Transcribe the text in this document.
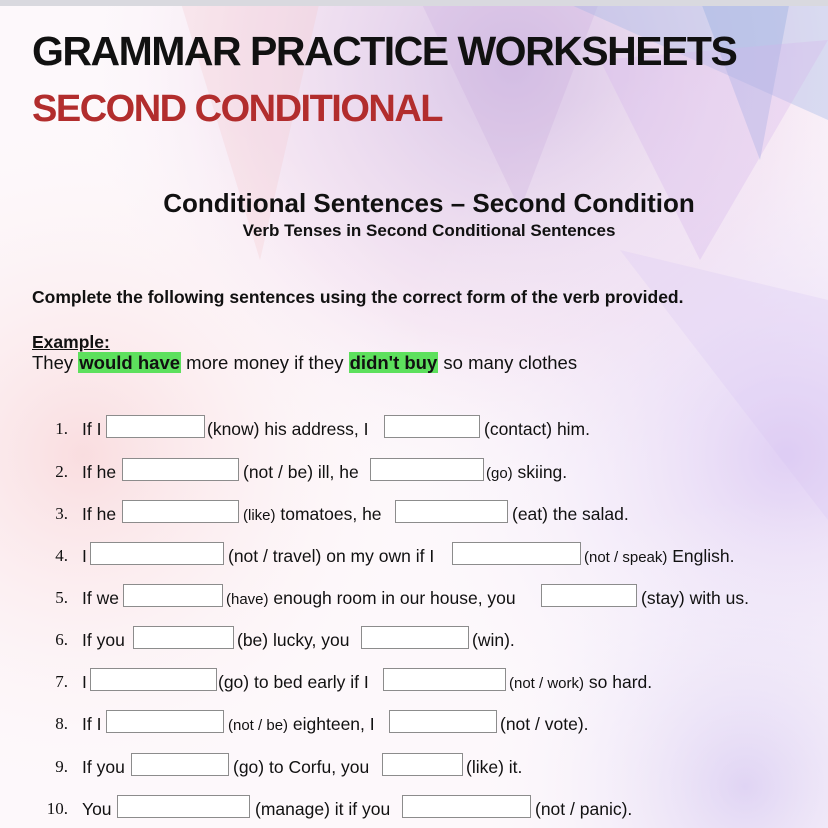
GRAMMAR PRACTICE WORKSHEETS
SECOND CONDITIONAL
Conditional Sentences – Second Condition
Verb Tenses in Second Conditional Sentences
Complete the following sentences using the correct form of the verb provided.
Example:
They would have more money if they didn't buy so many clothes
1. If I	(know) his address, I	(contact) him.
2. If he	(not / be) ill, he	(go) skiing.
3. If he	(like) tomatoes, he	(eat) the salad.
4. I	(not / travel) on my own if I	(not / speak) English.
5. If we	(have) enough room in our house, you	(stay) with us.
6. If you	(be) lucky, you	(win).
7. I	(go) to bed early if I	(not / work) so hard.
8. If I	(not / be) eighteen, I	(not / vote).
9. If you	(go) to Corfu, you	(like) it.
10. You	(manage) it if you	(not / panic).
